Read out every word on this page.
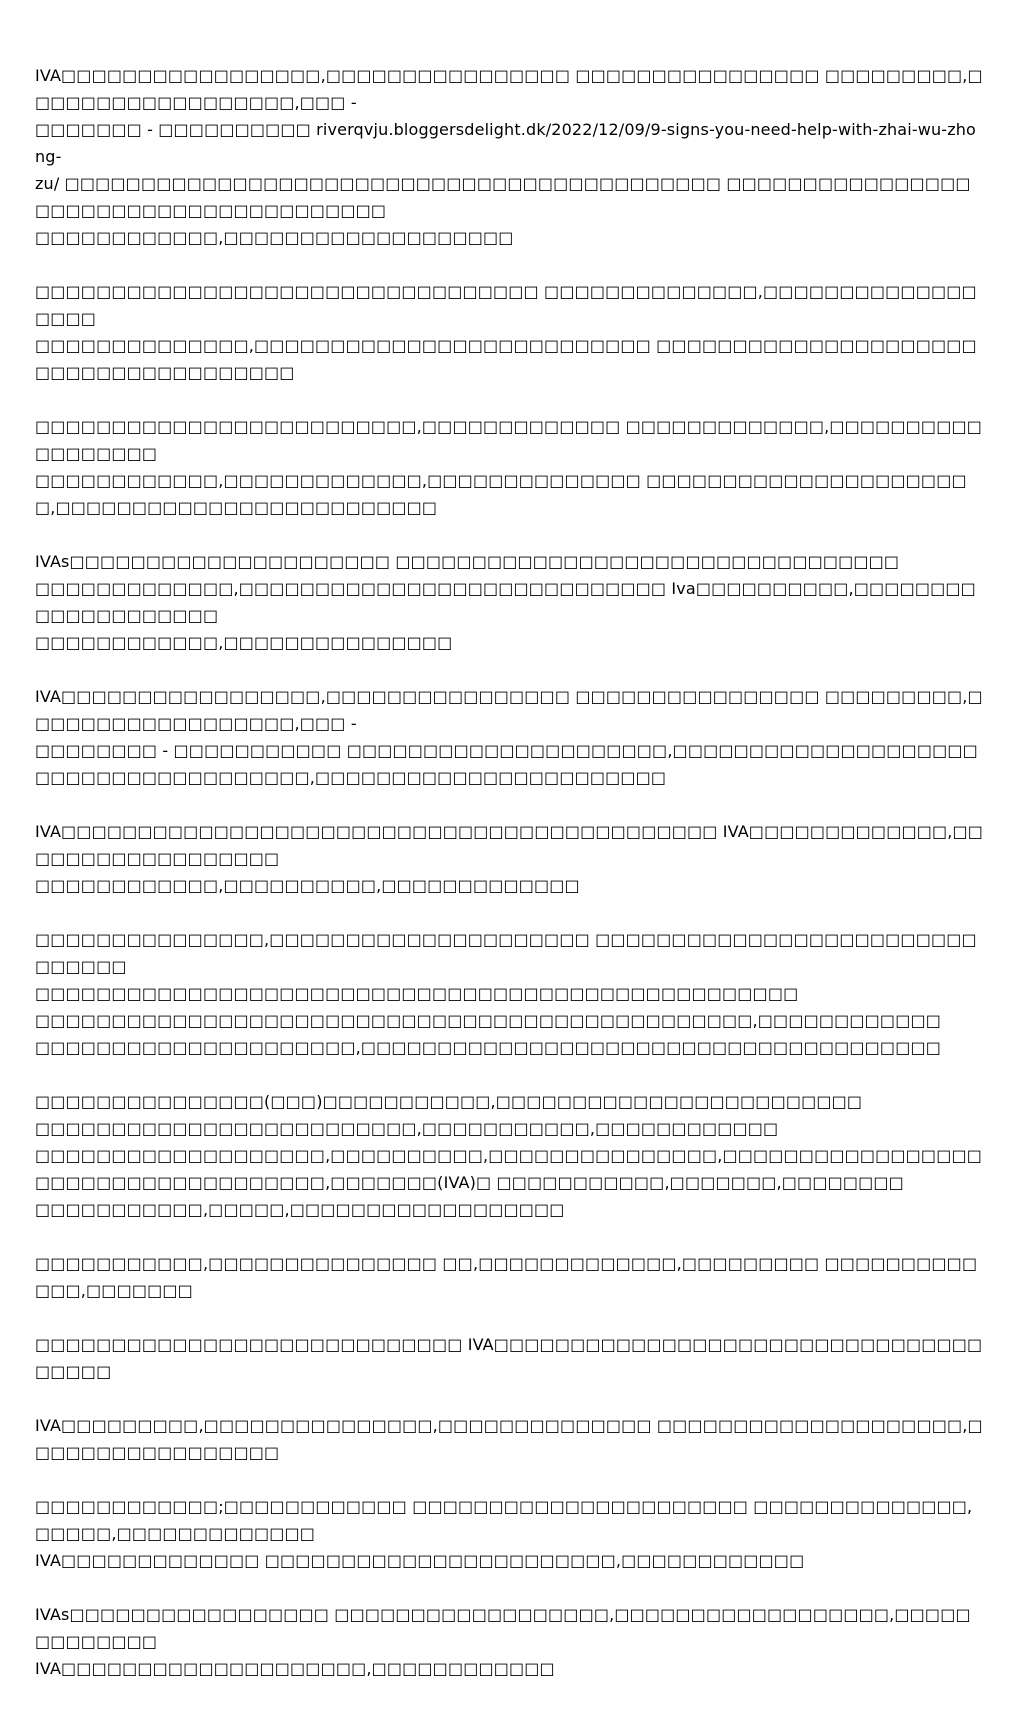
IVA□□□□□□□□□□□□□□□□□,□□□□□□□□□□□□□□□□ □□□□□□□□□□□□□□□□ □□□□□□□□□,□□□□□□□□□□□□□□□□□□,□□□ -
□□□□□□□ - □□□□□□□□□□ riverqvju.bloggersdelight.dk/2022/12/09/9-signs-you-need-help-with-zhai-wu-zhong-
zu/ □□□□□□□□□□□□□□□□□□□□□□□□□□□□□□□□□□□□□□□□□□□ □□□□□□□□□□□□□□□□□□□□□□□□□□□□□□□□□□□□□□□
□□□□□□□□□□□□,□□□□□□□□□□□□□□□□□□□

□□□□□□□□□□□□□□□□□□□□□□□□□□□□□□□□□ □□□□□□□□□□□□□□,□□□□□□□□□□□□□□□□□□
□□□□□□□□□□□□□□,□□□□□□□□□□□□□□□□□□□□□□□□□□ □□□□□□□□□□□□□□□□□□□□□□□□□□□□□□□□□□□□□□

□□□□□□□□□□□□□□□□□□□□□□□□□,□□□□□□□□□□□□□ □□□□□□□□□□□□□,□□□□□□□□□□□□□□□□□□
□□□□□□□□□□□□,□□□□□□□□□□□□□,□□□□□□□□□□□□□□ □□□□□□□□□□□□□□□□□□□□□□,□□□□□□□□□□□□□□□□□□□□□□□□□

IVAs□□□□□□□□□□□□□□□□□□□□□ □□□□□□□□□□□□□□□□□□□□□□□□□□□□□□□□□
□□□□□□□□□□□□□,□□□□□□□□□□□□□□□□□□□□□□□□□□□□ Iva□□□□□□□□□□,□□□□□□□□□□□□□□□□□□□□
□□□□□□□□□□□□,□□□□□□□□□□□□□□□

IVA□□□□□□□□□□□□□□□□□,□□□□□□□□□□□□□□□□ □□□□□□□□□□□□□□□□ □□□□□□□□□,□□□□□□□□□□□□□□□□□□,□□□ -
□□□□□□□□ - □□□□□□□□□□□ □□□□□□□□□□□□□□□□□□□□□,□□□□□□□□□□□□□□□□□□□□
□□□□□□□□□□□□□□□□□□,□□□□□□□□□□□□□□□□□□□□□□□

IVA□□□□□□□□□□□□□□□□□□□□□□□□□□□□□□□□□□□□□□□□□□□ IVA□□□□□□□□□□□□□,□□□□□□□□□□□□□□□□□□
□□□□□□□□□□□□,□□□□□□□□□□,□□□□□□□□□□□□□

□□□□□□□□□□□□□□□,□□□□□□□□□□□□□□□□□□□□□ □□□□□□□□□□□□□□□□□□□□□□□□□□□□□□□
□□□□□□□□□□□□□□□□□□□□□□□□□□□□□□□□□□□□□□□□□□□□□□□□□□
□□□□□□□□□□□□□□□□□□□□□□□□□□□□□□□□□□□□□□□□□□□□□□□,□□□□□□□□□□□□
□□□□□□□□□□□□□□□□□□□□□,□□□□□□□□□□□□□□□□□□□□□□□□□□□□□□□□□□□□□□

□□□□□□□□□□□□□□□(□□□)□□□□□□□□□□□,□□□□□□□□□□□□□□□□□□□□□□□□
□□□□□□□□□□□□□□□□□□□□□□□□□,□□□□□□□□□□□,□□□□□□□□□□□□
□□□□□□□□□□□□□□□□□□□,□□□□□□□□□□,□□□□□□□□□□□□□□□,□□□□□□□□□□□□□□□□□
□□□□□□□□□□□□□□□□□□□,□□□□□□□(IVA)□ □□□□□□□□□□□,□□□□□□□,□□□□□□□□
□□□□□□□□□□□,□□□□□,□□□□□□□□□□□□□□□□□□

□□□□□□□□□□□,□□□□□□□□□□□□□□□ □□,□□□□□□□□□□□□□,□□□□□□□□□ □□□□□□□□□□□□□,□□□□□□□

□□□□□□□□□□□□□□□□□□□□□□□□□□□□ IVA□□□□□□□□□□□□□□□□□□□□□□□□□□□□□□□□□□□□□

IVA□□□□□□□□□,□□□□□□□□□□□□□□□,□□□□□□□□□□□□□□ □□□□□□□□□□□□□□□□□□□□,□□□□□□□□□□□□□□□□□

□□□□□□□□□□□□;□□□□□□□□□□□□ □□□□□□□□□□□□□□□□□□□□□□ □□□□□□□□□□□□□□,□□□□□,□□□□□□□□□□□□□
IVA□□□□□□□□□□□□□ □□□□□□□□□□□□□□□□□□□□□□□,□□□□□□□□□□□□

IVAs□□□□□□□□□□□□□□□□□ □□□□□□□□□□□□□□□□□□,□□□□□□□□□□□□□□□□□□,□□□□□□□□□□□□□
IVA□□□□□□□□□□□□□□□□□□□□,□□□□□□□□□□□□
